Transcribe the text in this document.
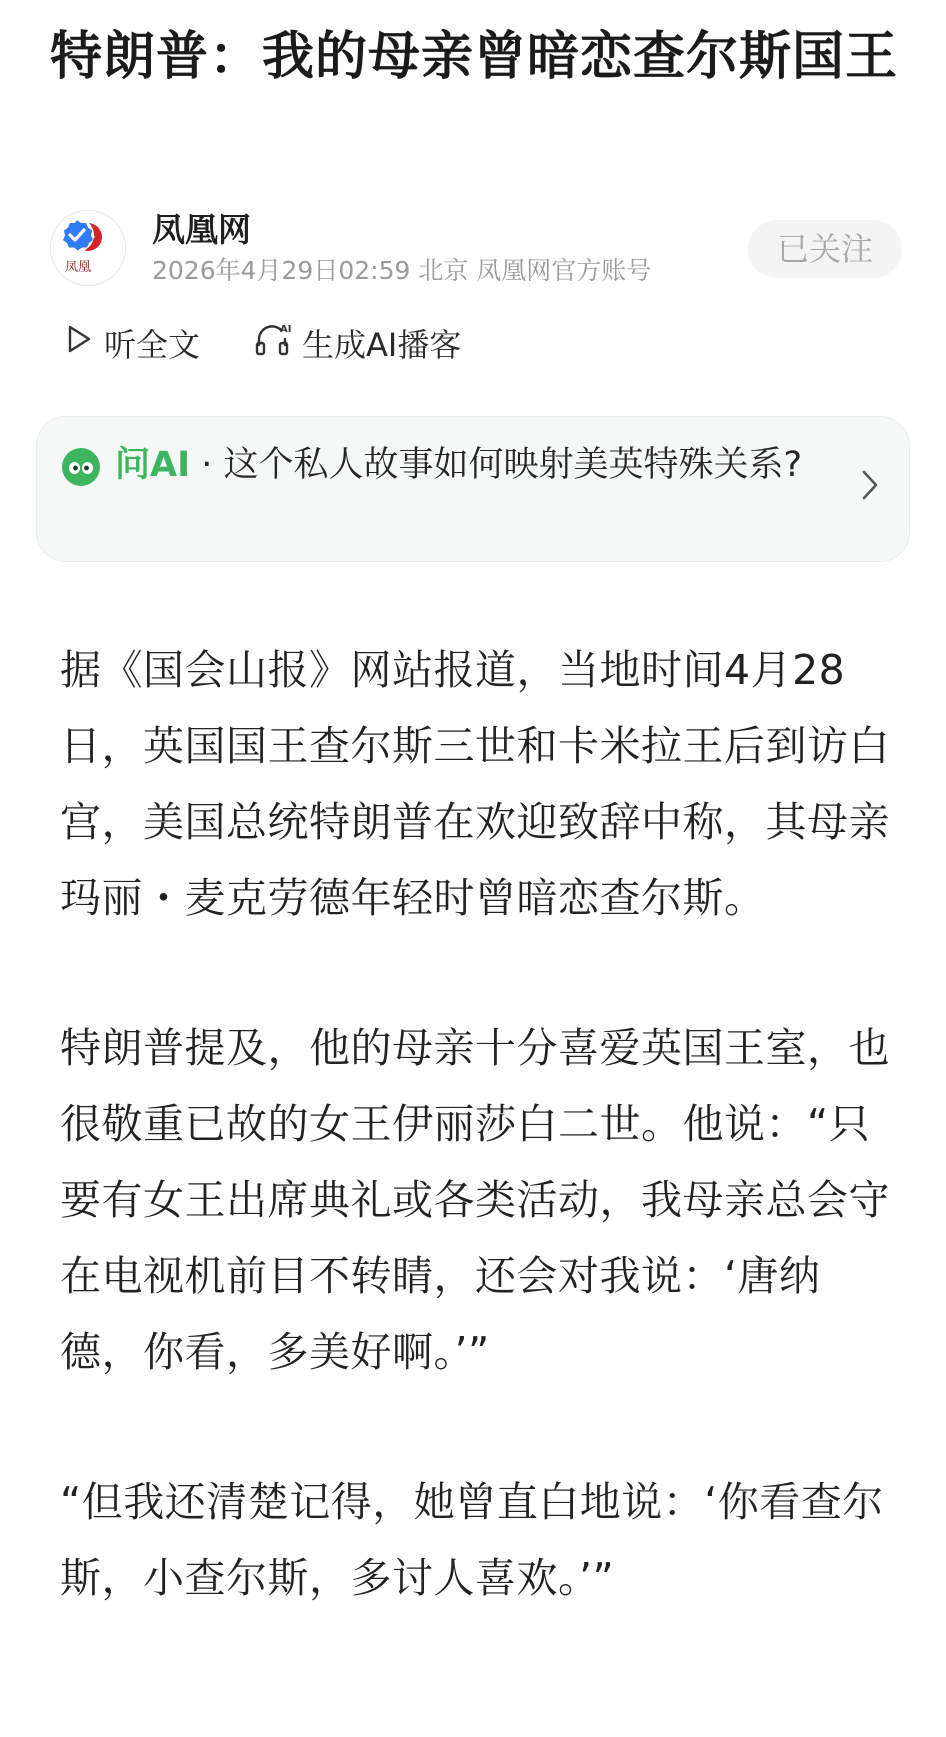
特朗普：我的母亲曾暗恋查尔斯国王
凤凰
凤凰网
2026年4月29日02:59 北京 凤凰网官方账号
已关注
听全文	AI 生成AI播客
问AI · 这个私人故事如何映射美英特殊关系?

据《国会山报》网站报道，当地时间4月28日，英国国王查尔斯三世和卡米拉王后到访白宫，美国总统特朗普在欢迎致辞中称，其母亲玛丽・麦克劳德年轻时曾暗恋查尔斯。

特朗普提及，他的母亲十分喜爱英国王室，也很敬重已故的女王伊丽莎白二世。他说：“只要有女王出席典礼或各类活动，我母亲总会守在电视机前目不转睛，还会对我说：‘唐纳德，你看，多美好啊。’”

“但我还清楚记得，她曾直白地说：‘你看查尔斯，小查尔斯，多讨人喜欢。’”
